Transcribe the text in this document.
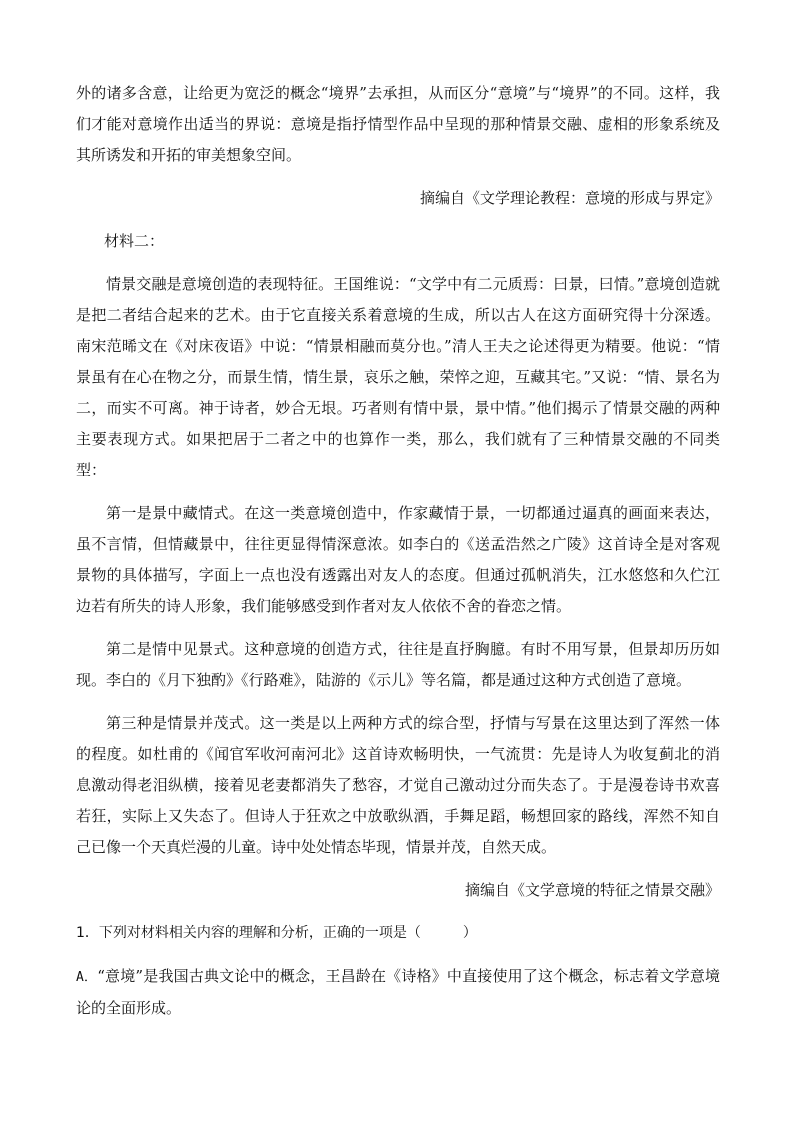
外的诸多含意，让给更为宽泛的概念“境界”去承担，从而区分“意境”与“境界”的不同。这样，我们才能对意境作出适当的界说：意境是指抒情型作品中呈现的那种情景交融、虚相的形象系统及其所诱发和开拓的审美想象空间。

摘编自《文学理论教程：意境的形成与界定》

材料二：

情景交融是意境创造的表现特征。王国维说：“文学中有二元质焉：曰景，曰情。”意境创造就是把二者结合起来的艺术。由于它直接关系着意境的生成，所以古人在这方面研究得十分深透。南宋范晞文在《对床夜语》中说：“情景相融而莫分也。”清人王夫之论述得更为精要。他说：“情景虽有在心在物之分，而景生情，情生景，哀乐之触，荣悴之迎，互藏其宅。”又说：“情、景名为二，而实不可离。神于诗者，妙合无垠。巧者则有情中景，景中情。”他们揭示了情景交融的两种主要表现方式。如果把居于二者之中的也算作一类，那么，我们就有了三种情景交融的不同类型：

第一是景中藏情式。在这一类意境创造中，作家藏情于景，一切都通过逼真的画面来表达，虽不言情，但情藏景中，往往更显得情深意浓。如李白的《送孟浩然之广陵》这首诗全是对客观景物的具体描写，字面上一点也没有透露出对友人的态度。但通过孤帆消失，江水悠悠和久伫江边若有所失的诗人形象，我们能够感受到作者对友人依依不舍的眷恋之情。

第二是情中见景式。这种意境的创造方式，往往是直抒胸臆。有时不用写景，但景却历历如现。李白的《月下独酌》《行路难》，陆游的《示儿》等名篇，都是通过这种方式创造了意境。

第三种是情景并茂式。这一类是以上两种方式的综合型，抒情与写景在这里达到了浑然一体的程度。如杜甫的《闻官军收河南河北》这首诗欢畅明快，一气流贯：先是诗人为收复蓟北的消息激动得老泪纵横，接着见老妻都消失了愁容，才觉自己激动过分而失态了。于是漫卷诗书欢喜若狂，实际上又失态了。但诗人于狂欢之中放歌纵酒，手舞足蹈，畅想回家的路线，浑然不知自己已像一个天真烂漫的儿童。诗中处处情态毕现，情景并茂，自然天成。

摘编自《文学意境的特征之情景交融》

1．下列对材料相关内容的理解和分析，正确的一项是（　　　）

A．“意境”是我国古典文论中的概念，王昌龄在《诗格》中直接使用了这个概念，标志着文学意境论的全面形成。
